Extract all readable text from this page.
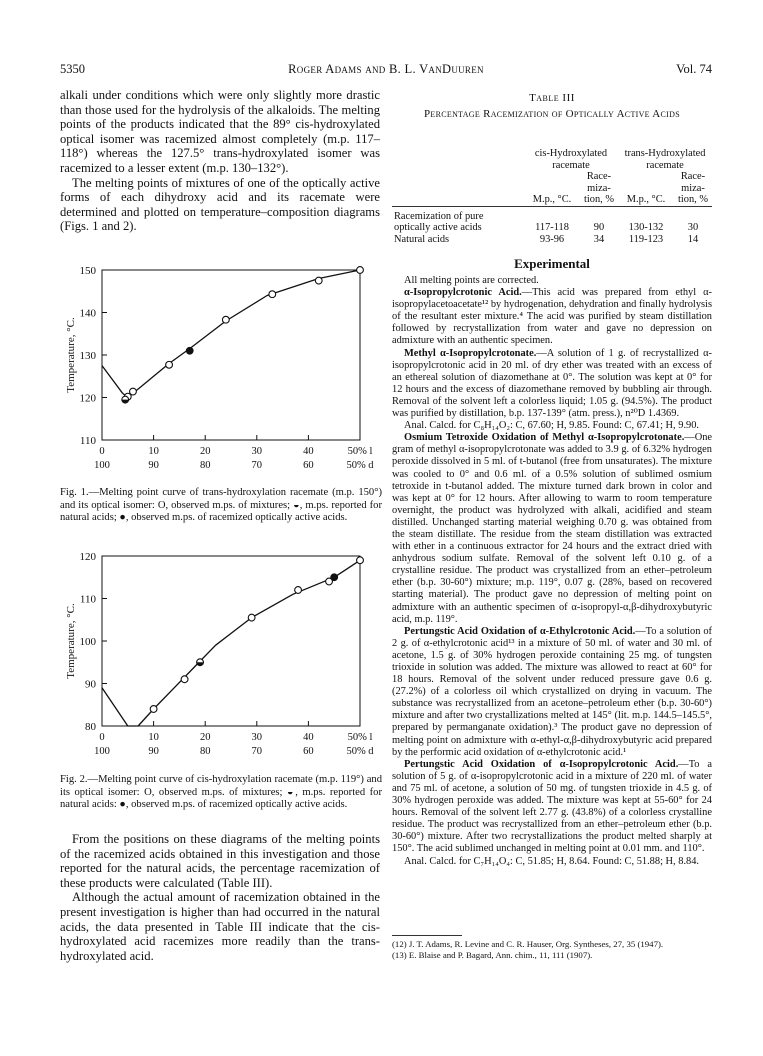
5350	Roger Adams and B. L. VanDuuren	Vol. 74

alkali under conditions which were only slightly more drastic than those used for the hydrolysis of the alkaloids. The melting points of the products indicated that the 89° cis-hydroxylated optical isomer was racemized almost completely (m.p. 117–118°) whereas the 127.5° trans-hydroxylated isomer was racemized to a lesser extent (m.p. 130–132°).

The melting points of mixtures of one of the optically active forms of each dihydroxy acid and its racemate were determined and plotted on temperature–composition diagrams (Figs. 1 and 2).

150
140
130
120
110
0
100
10
90
20
80
30
70
40
60
50% l
50% d
Temperature, °C.
Fig. 1.—Melting point curve of trans-hydroxylation racemate (m.p. 150°) and its optical isomer: O, observed m.ps. of mixtures; ◒, m.ps. reported for natural acids; ●, observed m.ps. of racemized optically active acids.
120
110
100
90
80
0
100
10
90
20
80
30
70
40
60
50% l
50% d
Temperature, °C.
Fig. 2.—Melting point curve of cis-hydroxylation racemate (m.p. 119°) and its optical isomer: O, observed m.ps. of mixtures; ◒, m.ps. reported for natural acids: ●, observed m.ps. of racemized optically active acids.

From the positions on these diagrams of the melting points of the racemized acids obtained in this investigation and those reported for the natural acids, the percentage racemization of these products were calculated (Table III).

Although the actual amount of racemization obtained in the present investigation is higher than had occurred in the natural acids, the data presented in Table III indicate that the cis-hydroxylated acid racemizes more readily than the trans-hydroxylated acid.

Table III
Percentage Racemization of Optically Active Acids
	cis-Hydroxylated racemate		trans-Hydroxylated racemate	
	M.p., °C.	Race-miza-tion, %	M.p., °C.	Race-miza-tion, %
Racemization of pure optically active acids	117-118	90	130-132	30
Natural acids	93-96	34	119-123	14
Experimental

All melting points are corrected.

α-Isopropylcrotonic Acid.—This acid was prepared from ethyl α-isopropylacetoacetate¹² by hydrogenation, dehydration and finally hydrolysis of the resultant ester mixture.⁴ The acid was purified by steam distillation followed by recrystallization from water and gave no depression on admixture with an authentic specimen.

Methyl α-Isopropylcrotonate.—A solution of 1 g. of recrystallized α-isopropylcrotonic acid in 20 ml. of dry ether was treated with an excess of an ethereal solution of diazomethane at 0°. The solution was kept at 0° for 12 hours and the excess of diazomethane removed by bubbling air through. Removal of the solvent left a colorless liquid; 1.05 g. (94.5%). The product was purified by distillation, b.p. 137-139° (atm. press.), n²⁰D 1.4369.

Anal. Calcd. for C₈H₁₄O₂: C, 67.60; H, 9.85. Found: C, 67.41; H, 9.90.

Osmium Tetroxide Oxidation of Methyl α-Isopropylcrotonate.—One gram of methyl α-isopropylcrotonate was added to 3.9 g. of 6.32% hydrogen peroxide dissolved in 5 ml. of t-butanol (free from unsaturates). The mixture was cooled to 0° and 0.6 ml. of a 0.5% solution of sublimed osmium tetroxide in t-butanol added. The mixture turned dark brown in color and was kept at 0° for 12 hours. After allowing to warm to room temperature overnight, the product was hydrolyzed with alkali, acidified and steam distilled. Unchanged starting material weighing 0.70 g. was obtained from the steam distillate. The residue from the steam distillation was extracted with ether in a continuous extractor for 24 hours and the extract dried with anhydrous sodium sulfate. Removal of the solvent left 0.10 g. of a crystalline residue. The product was crystallized from an ether–petroleum ether (b.p. 30-60°) mixture; m.p. 119°, 0.07 g. (28%, based on recovered starting material). The product gave no depression of melting point on admixture with an authentic specimen of α-isopropyl-α,β-dihydroxybutyric acid, m.p. 119°.

Pertungstic Acid Oxidation of α-Ethylcrotonic Acid.—To a solution of 2 g. of α-ethylcrotonic acid¹³ in a mixture of 50 ml. of water and 30 ml. of acetone, 1.5 g. of 30% hydrogen peroxide containing 25 mg. of tungsten trioxide in solution was added. The mixture was allowed to react at 60° for 18 hours. Removal of the solvent under reduced pressure gave 0.6 g. (27.2%) of a colorless oil which crystallized on drying in vacuum. The substance was recrystallized from an acetone–petroleum ether (b.p. 30-60°) mixture and after two crystallizations melted at 145° (lit. m.p. 144.5–145.5°, prepared by permanganate oxidation).³ The product gave no depression of melting point on admixture with α-ethyl-α,β-dihydroxybutyric acid prepared by the performic acid oxidation of α-ethylcrotonic acid.¹

Pertungstic Acid Oxidation of α-Isopropylcrotonic Acid.—To a solution of 5 g. of α-isopropylcrotonic acid in a mixture of 220 ml. of water and 75 ml. of acetone, a solution of 50 mg. of tungsten trioxide in 4.5 g. of 30% hydrogen peroxide was added. The mixture was kept at 55-60° for 24 hours. Removal of the solvent left 2.77 g. (43.8%) of a colorless crystalline residue. The product was recrystallized from an ether–petroleum ether (b.p. 30-60°) mixture. After two recrystallizations the product melted sharply at 150°. The acid sublimed unchanged in melting point at 0.01 mm. and 110°.

Anal. Calcd. for C₇H₁₄O₄: C, 51.85; H, 8.64. Found: C, 51.88; H, 8.84.

(12) J. T. Adams, R. Levine and C. R. Hauser, Org. Syntheses, 27, 35 (1947).
(13) E. Blaise and P. Bagard, Ann. chim., 11, 111 (1907).
